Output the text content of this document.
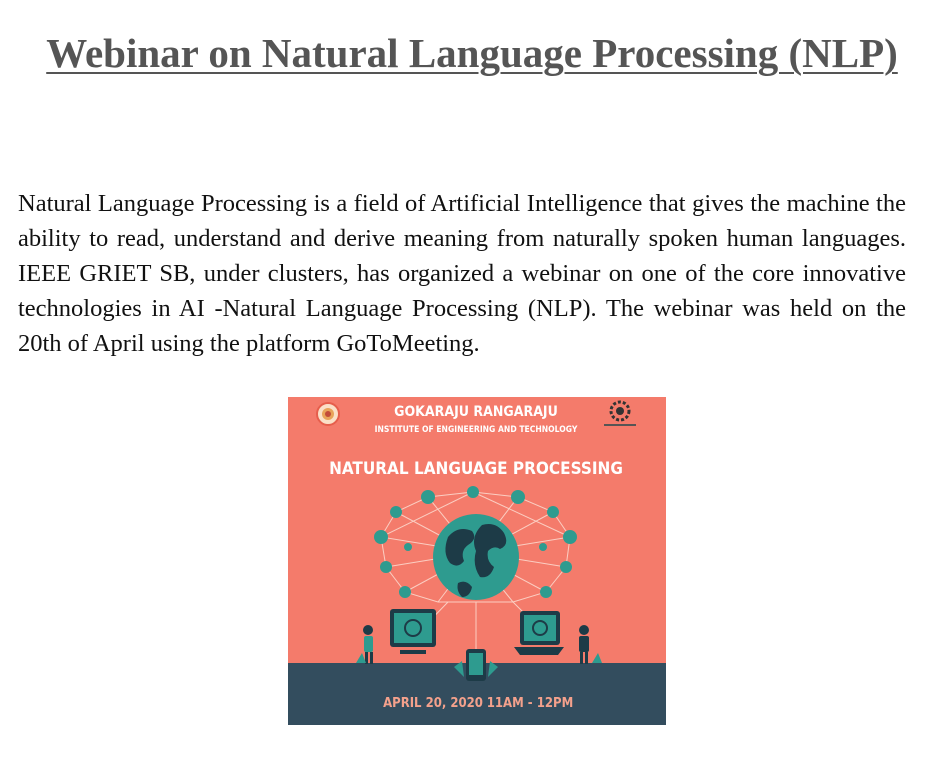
Webinar on Natural Language Processing (NLP)

Natural Language Processing is a field of Artificial Intelligence that gives the machine the ability to read, understand and derive meaning from naturally spoken human languages. IEEE GRIET SB, under clusters, has organized a webinar on one of the core innovative technologies in AI -Natural Language Processing (NLP). The webinar was held on the 20th of April using the platform GoToMeeting.

GOKARAJU RANGARAJU
INSTITUTE OF ENGINEERING AND TECHNOLOGY
NATURAL LANGUAGE PROCESSING
APRIL 20, 2020 11AM - 12PM
